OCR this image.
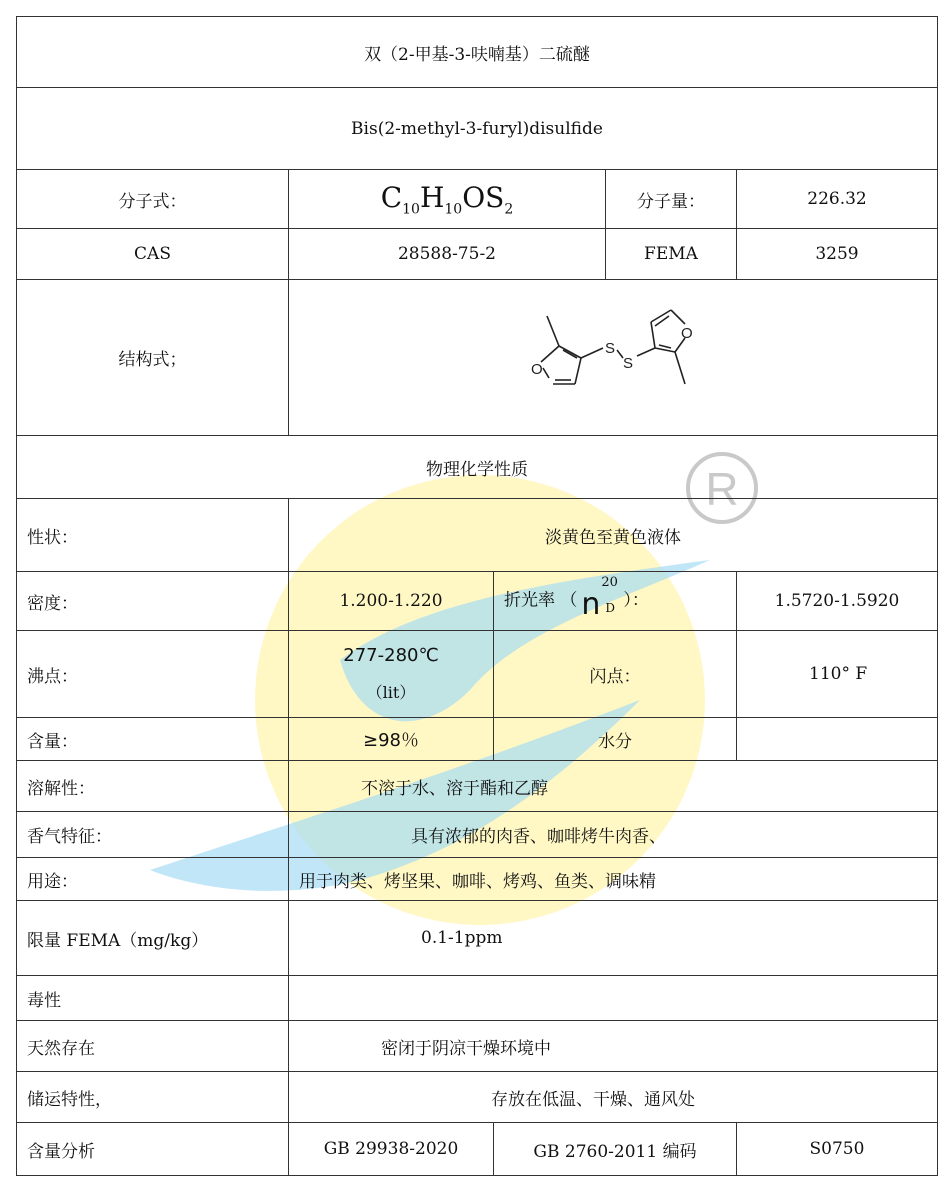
R
双（2-甲基-3-呋喃基）二硫醚				
Bis(2-methyl-3-furyl)disulfide				
分子式：	$C_{10}H_{10}OS_2$		分子量：	226.32
CAS	28588-75-2		FEMA	3259
结构式；	O
S
S
O			

物理化学性质				
性状：	淡黄色至黄色液体			
密度：	1.200-1.220	折光率 （ n
20
D ）：		1.5720-1.5920
沸点：	277-280℃
（lit）	闪点：		110° F
含量：	≥98％	水分		
溶解性：	不溶于水、溶于酯和乙醇			
香气特征：	具有浓郁的肉香、咖啡烤牛肉香、			
用途：	用于肉类、烤坚果、咖啡、烤鸡、鱼类、调味精			
限量 FEMA（mg/kg）	0.1-1ppm			
毒性				
天然存在	密闭于阴凉干燥环境中			
储运特性，	存放在低温、干燥、通风处			
含量分析	GB 29938-2020	GB 2760-2011 编码		S0750
